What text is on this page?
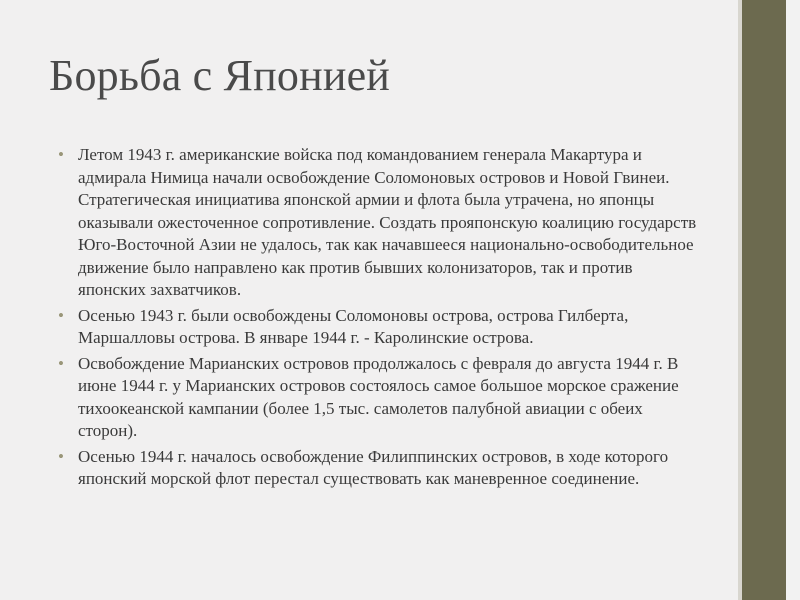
Борьба с Японией
• Летом 1943 г. американские войска под командованием генерала Макартура и адмирала Нимица начали освобождение Соломоновых островов и Новой Гвинеи. Стратегическая инициатива японской армии и флота была утрачена, но японцы оказывали ожесточенное сопротивление. Создать прояпонскую коалицию государств Юго-Восточной Азии не удалось, так как начавшееся национально-освободительное движение было направлено как против бывших колонизаторов, так и против японских захватчиков.
• Осенью 1943 г. были освобождены Соломоновы острова, острова Гилберта, Маршалловы острова. В январе 1944 г. - Каролинские острова.
• Освобождение Марианских островов продолжалось с февраля до августа 1944 г. В июне 1944 г. у Марианских островов состоялось самое большое морское сражение тихоокеанской кампании (более 1,5 тыс. самолетов палубной авиации с обеих сторон).
• Осенью 1944 г. началось освобождение Филиппинских островов, в ходе которого японский морской флот перестал существовать как маневренное соединение.
